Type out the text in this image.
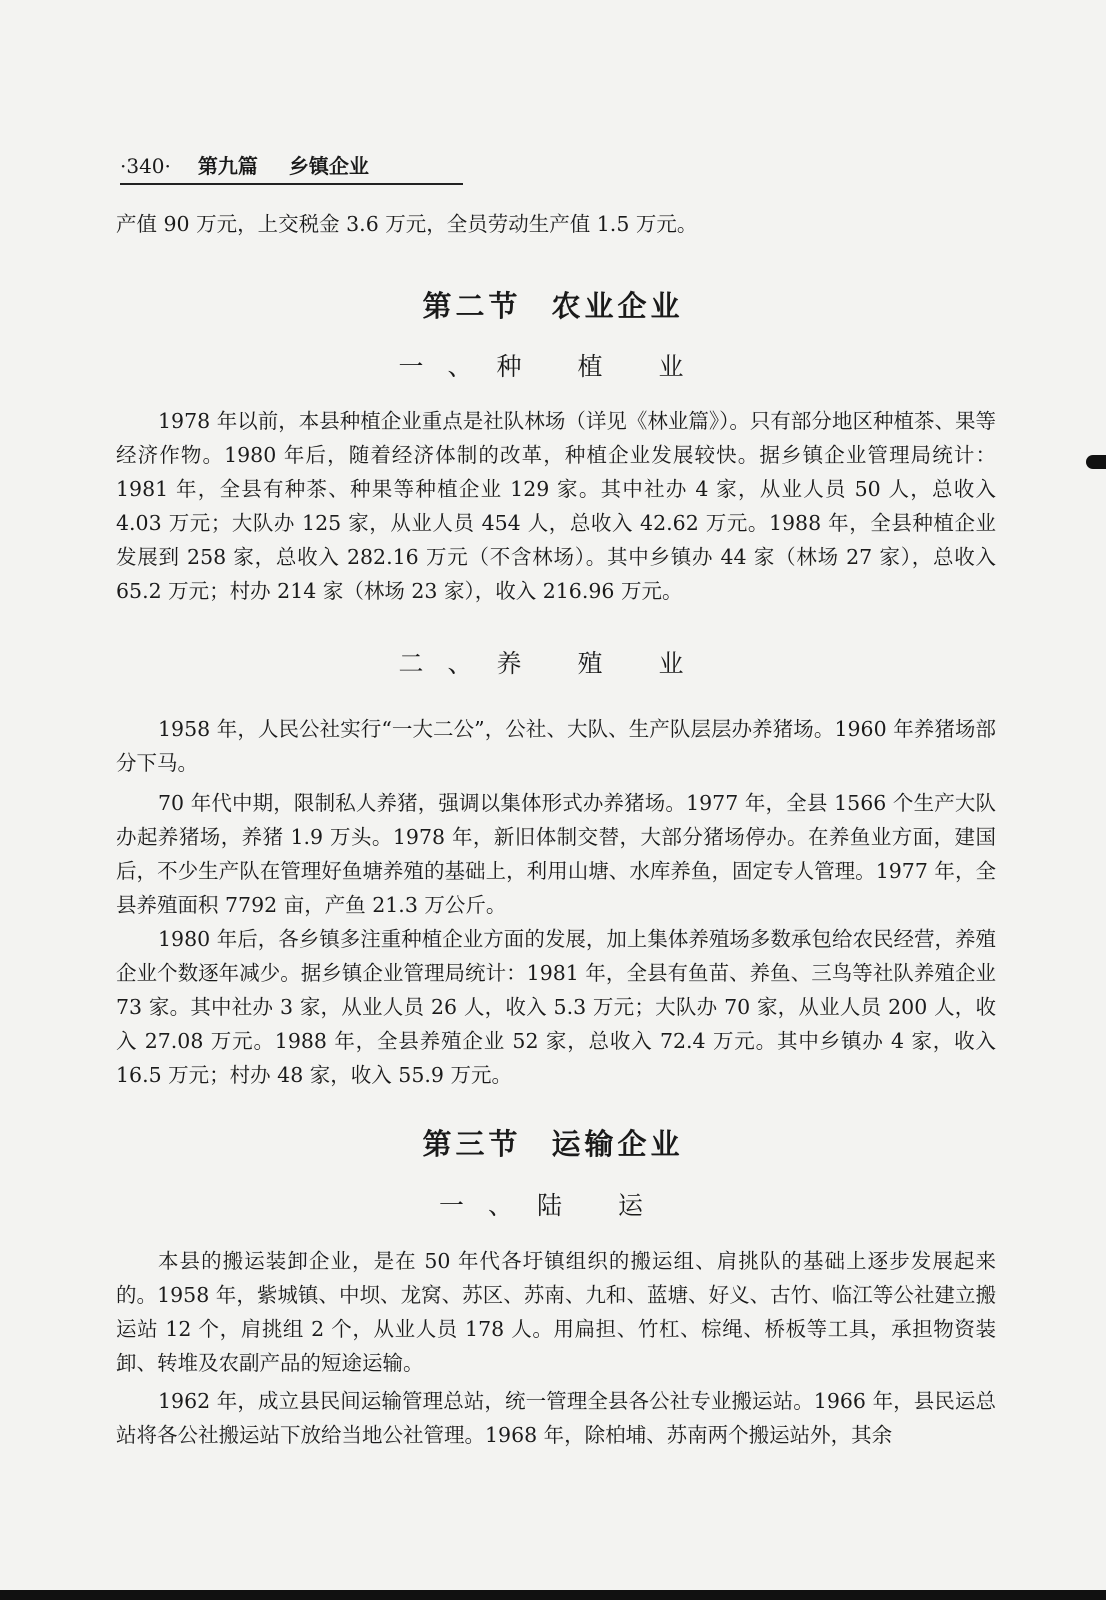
·340· 第九篇 乡镇企业
产值 90 万元，上交税金 3.6 万元，全员劳动生产值 1.5 万元。
第二节 农业企业
一、种 植 业
1978 年以前，本县种植企业重点是社队林场（详见《林业篇》）。只有部分地区种植茶、果等经济作物。1980 年后，随着经济体制的改革，种植企业发展较快。据乡镇企业管理局统计：1981 年，全县有种茶、种果等种植企业 129 家。其中社办 4 家，从业人员 50 人，总收入 4.03 万元；大队办 125 家，从业人员 454 人，总收入 42.62 万元。1988 年，全县种植企业发展到 258 家，总收入 282.16 万元（不含林场）。其中乡镇办 44 家（林场 27 家），总收入 65.2 万元；村办 214 家（林场 23 家），收入 216.96 万元。
二、养 殖 业
1958 年，人民公社实行“一大二公”，公社、大队、生产队层层办养猪场。1960 年养猪场部分下马。
70 年代中期，限制私人养猪，强调以集体形式办养猪场。1977 年，全县 1566 个生产大队办起养猪场，养猪 1.9 万头。1978 年，新旧体制交替，大部分猪场停办。在养鱼业方面，建国后，不少生产队在管理好鱼塘养殖的基础上，利用山塘、水库养鱼，固定专人管理。1977 年，全县养殖面积 7792 亩，产鱼 21.3 万公斤。
1980 年后，各乡镇多注重种植企业方面的发展，加上集体养殖场多数承包给农民经营，养殖企业个数逐年减少。据乡镇企业管理局统计：1981 年，全县有鱼苗、养鱼、三鸟等社队养殖企业 73 家。其中社办 3 家，从业人员 26 人，收入 5.3 万元；大队办 70 家，从业人员 200 人，收入 27.08 万元。1988 年，全县养殖企业 52 家，总收入 72.4 万元。其中乡镇办 4 家，收入 16.5 万元；村办 48 家，收入 55.9 万元。
第三节 运输企业
一、陆 运
本县的搬运装卸企业，是在 50 年代各圩镇组织的搬运组、肩挑队的基础上逐步发展起来的。1958 年，紫城镇、中坝、龙窝、苏区、苏南、九和、蓝塘、好义、古竹、临江等公社建立搬运站 12 个，肩挑组 2 个，从业人员 178 人。用扁担、竹杠、棕绳、桥板等工具，承担物资装卸、转堆及农副产品的短途运输。
1962 年，成立县民间运输管理总站，统一管理全县各公社专业搬运站。1966 年，县民运总站将各公社搬运站下放给当地公社管理。1968 年，除柏埔、苏南两个搬运站外，其余
